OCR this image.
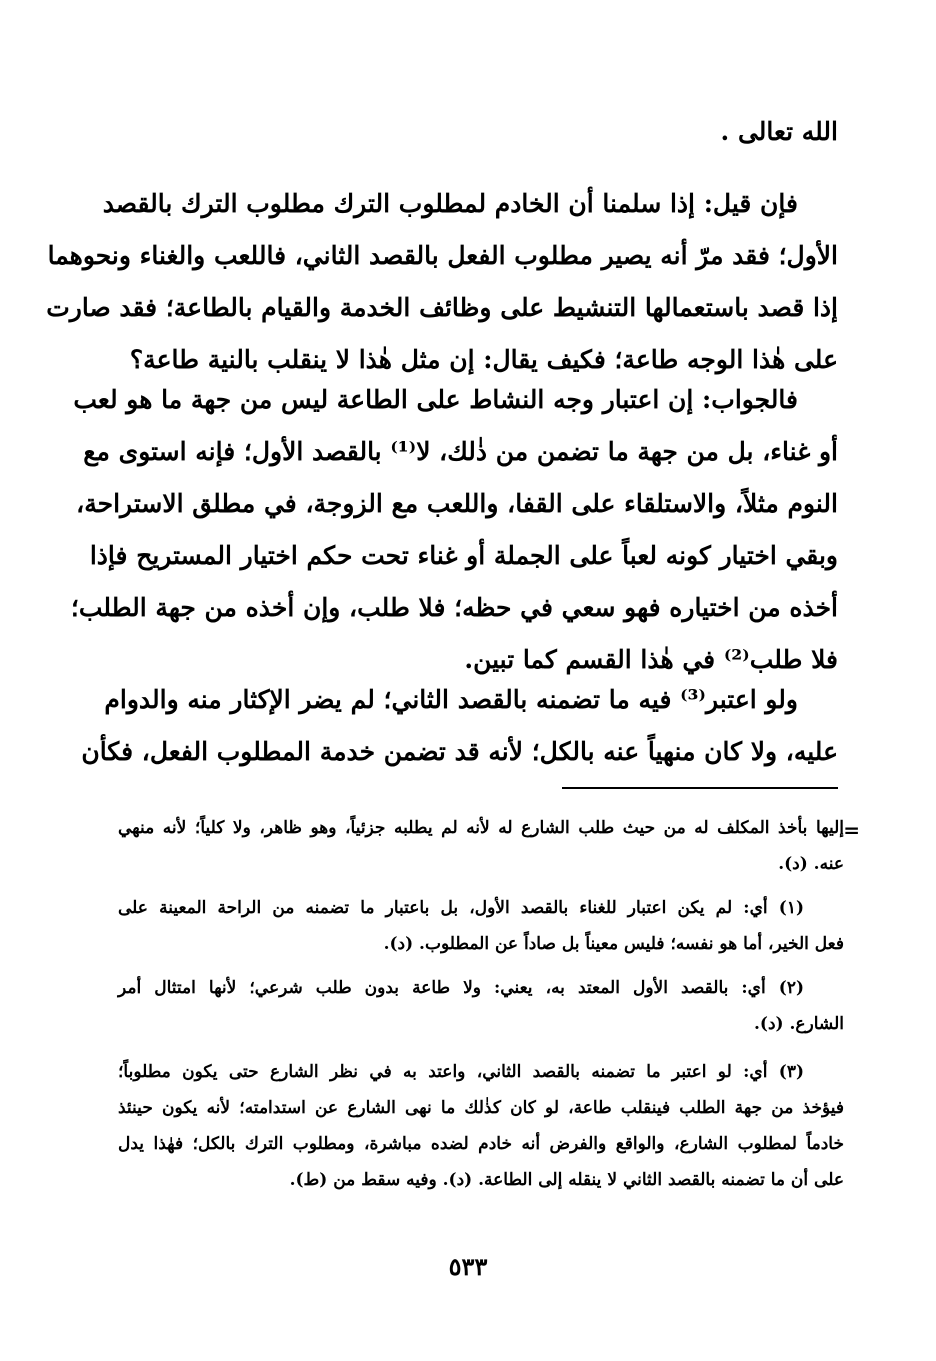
الله تعالى .
فإن قيل: إذا سلمنا أن الخادم لمطلوب الترك مطلوب الترك بالقصد
الأول؛ فقد مرّ أنه يصير مطلوب الفعل بالقصد الثاني، فاللعب والغناء ونحوهما
إذا قصد باستعمالها التنشيط على وظائف الخدمة والقيام بالطاعة؛ فقد صارت
على هٰذا الوجه طاعة؛ فكيف يقال: إن مثل هٰذا لا ينقلب بالنية طاعة؟
فالجواب: إن اعتبار وجه النشاط على الطاعة ليس من جهة ما هو لعب
أو غناء، بل من جهة ما تضمن من ذٰلك، لا⁽¹⁾ بالقصد الأول؛ فإنه استوى مع
النوم مثلاً، والاستلقاء على القفا، واللعب مع الزوجة، في مطلق الاستراحة،
وبقي اختيار كونه لعباً على الجملة أو غناء تحت حكم اختيار المستريح فإذا
أخذه من اختياره فهو سعي في حظه؛ فلا طلب، وإن أخذه من جهة الطلب؛
فلا طلب⁽²⁾ في هٰذا القسم كما تبين.
ولو اعتبر⁽³⁾ فيه ما تضمنه بالقصد الثاني؛ لم يضر الإكثار منه والدوام
عليه، ولا كان منهياً عنه بالكل؛ لأنه قد تضمن خدمة المطلوب الفعل، فكأن
=
إليها بأخذ المكلف له من حيث طلب الشارع له لأنه لم يطلبه جزئياً، وهو ظاهر، ولا كلياً؛ لأنه منهي
عنه. (د).
(١) أي: لم يكن اعتبار للغناء بالقصد الأول، بل باعتبار ما تضمنه من الراحة المعينة على
فعل الخير، أما هو نفسه؛ فليس معيناً بل صاداً عن المطلوب. (د).
(٢) أي: بالقصد الأول المعتد به، يعني: ولا طاعة بدون طلب شرعي؛ لأنها امتثال أمر
الشارع. (د).
(٣) أي: لو اعتبر ما تضمنه بالقصد الثاني، واعتد به في نظر الشارع حتى يكون مطلوباً؛
فيؤخذ من جهة الطلب فينقلب طاعة، لو كان كذٰلك ما نهى الشارع عن استدامته؛ لأنه يكون حينئذ
خادماً لمطلوب الشارع، والواقع والفرض أنه خادم لضده مباشرة، ومطلوب الترك بالكل؛ فهٰذا يدل
على أن ما تضمنه بالقصد الثاني لا ينقله إلى الطاعة. (د). وفيه سقط من (ط).
٥٣٣
